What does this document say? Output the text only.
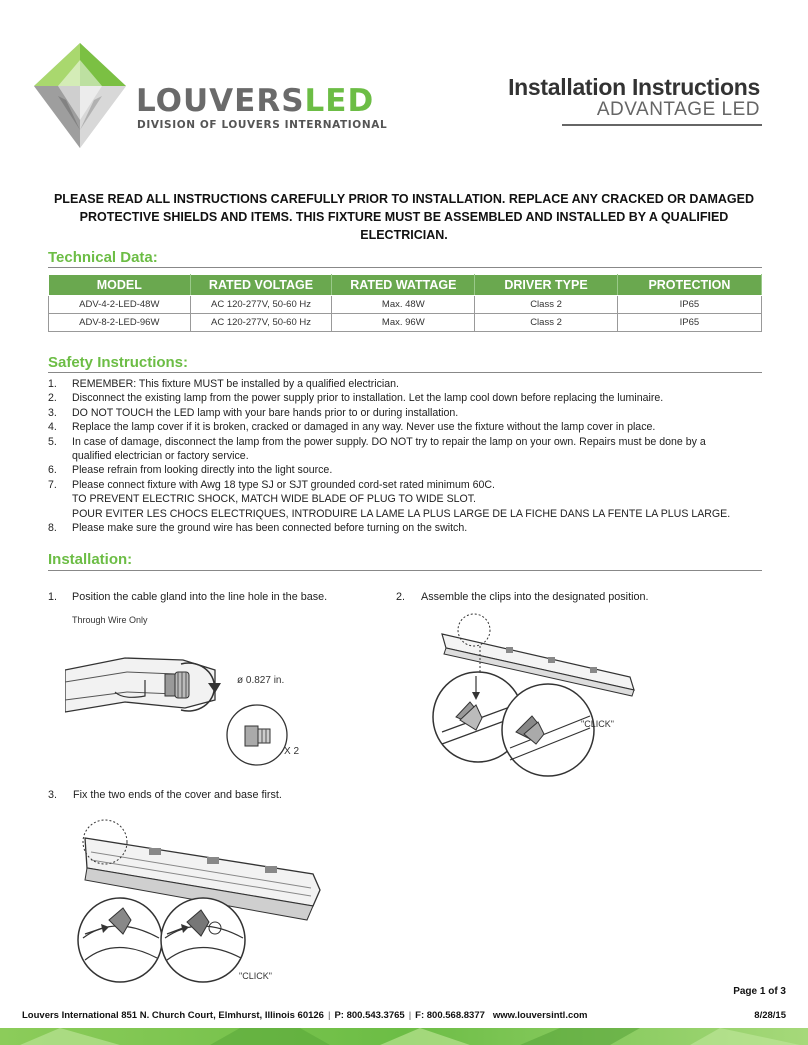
LOUVERSLED
DIVISION OF LOUVERS INTERNATIONAL
Installation Instructions
ADVANTAGE LED
PLEASE READ ALL INSTRUCTIONS CAREFULLY PRIOR TO INSTALLATION. REPLACE ANY CRACKED OR DAMAGED
PROTECTIVE SHIELDS AND ITEMS. THIS FIXTURE MUST BE ASSEMBLED AND INSTALLED BY A QUALIFIED ELECTRICIAN.
Technical Data:
MODEL	RATED VOLTAGE	RATED WATTAGE	DRIVER TYPE	PROTECTION
ADV-4-2-LED-48W	AC 120-277V, 50-60 Hz	Max. 48W	Class 2	IP65
ADV-8-2-LED-96W	AC 120-277V, 50-60 Hz	Max. 96W	Class 2	IP65
Safety Instructions:
1.	REMEMBER: This fixture MUST be installed by a qualified electrician.
2.	Disconnect the existing lamp from the power supply prior to installation. Let the lamp cool down before replacing the luminaire.
3.	DO NOT TOUCH the LED lamp with your bare hands prior to or during installation.
4.	Replace the lamp cover if it is broken, cracked or damaged in any way. Never use the fixture without the lamp cover in place.
5.	In case of damage, disconnect the lamp from the power supply. DO NOT try to repair the lamp on your own. Repairs must be done by a
qualified electrician or factory service.
6.	Please refrain from looking directly into the light source.
7.	Please connect fixture with Awg 18 type SJ or SJT grounded cord-set rated minimum 60C.
TO PREVENT ELECTRIC SHOCK, MATCH WIDE BLADE OF PLUG TO WIDE SLOT.
POUR EVITER LES CHOCS ELECTRIQUES, INTRODUIRE LA LAME LA PLUS LARGE DE LA FICHE DANS LA FENTE LA PLUS LARGE.
8.	Please make sure the ground wire has been connected before turning on the switch.
Installation:
1. Position the cable gland into the line hole in the base.
Through Wire Only
ø 0.827 in.
X 2
2. Assemble the clips into the designated position.
"CLICK"
3. Fix the two ends of the cover and base first.
"CLICK"
Page 1 of 3
Louvers International 851 N. Church Court, Elmhurst, Illinois 60126 | P: 800.543.3765 | F: 800.568.8377 www.louversintl.com	8/28/15
